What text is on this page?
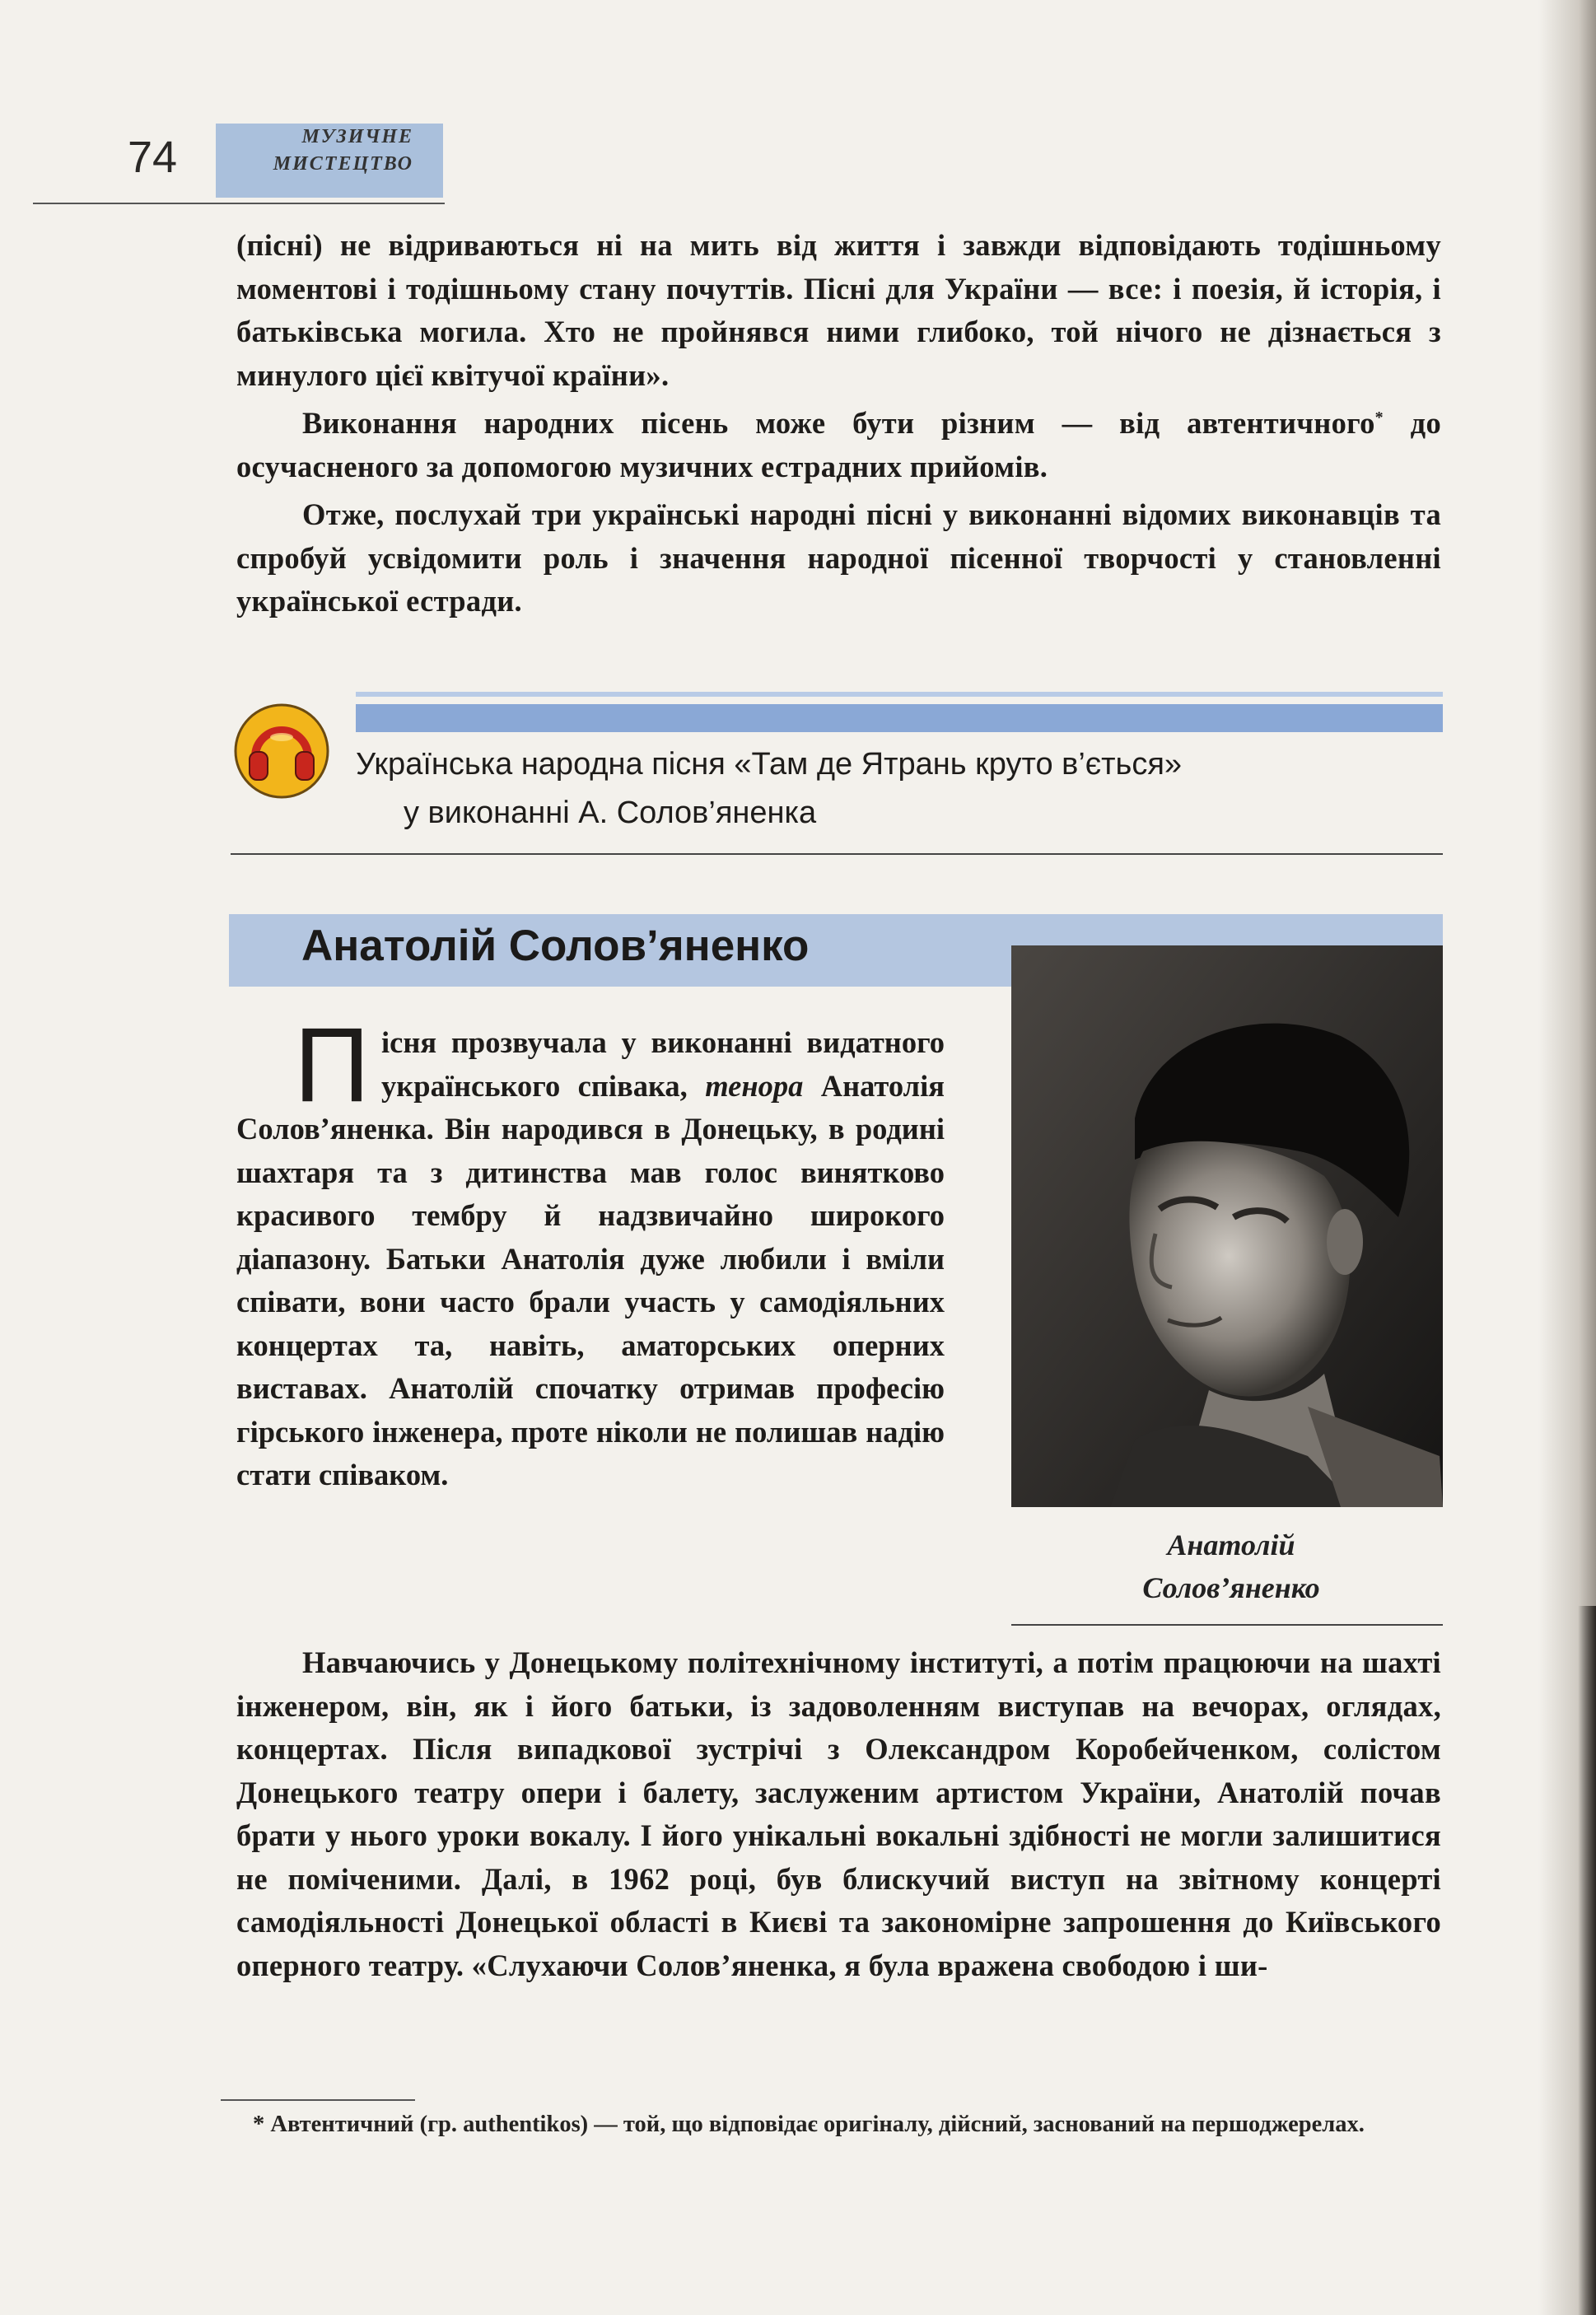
74	МУЗИЧНЕ
МИСТЕЦТВО

(пісні) не відриваються ні на мить від життя і завжди відповідають тодішньому моментові і тодішньому стану почуттів. Пісні для України — все: і поезія, й історія, і батьківська могила. Хто не пройнявся ними глибоко, той нічого не дізнається з минулого цієї квітучої країни».

Виконання народних пісень може бути різним — від автентичного* до осучасненого за допомогою музичних естрадних прийомів.

Отже, послухай три українські народні пісні у виконанні відомих виконавців та спробуй усвідомити роль і значення народної пісенної творчості у становленні української естради.

Українська народна пісня «Там де Ятрань круто в’ється»
у виконанні А. Солов’яненка
Анатолій Солов’яненко
Анатолій
Солов’яненко
Пісня прозвучала у виконанні видатного українського співака, тенора Анатолія Солов’яненка. Він народився в Донецьку, в родині шахтаря та з дитинства мав голос винятково красивого тембру й надзвичайно широкого діапазону. Батьки Анатолія дуже любили і вміли співати, вони часто брали участь у самодіяльних концертах та, навіть, аматорських оперних виставах. Анатолій спочатку отримав професію гірського інженера, проте ніколи не полишав надію стати співаком.
Навчаючись у Донецькому політехнічному інституті, а потім працюючи на шахті інженером, він, як і його батьки, із задоволенням виступав на вечорах, оглядах, концертах. Після випадкової зустрічі з Олександром Коробейченком, солістом Донецького театру опери і балету, заслуженим артистом України, Анатолій почав брати у нього уроки вокалу. І його унікальні вокальні здібності не могли залишитися не поміченими. Далі, в 1962 році, був блискучий виступ на звітному концерті самодіяльності Донецької області в Києві та закономірне запрошення до Київського оперного театру. «Слухаючи Солов’яненка, я була вражена свободою і ши-
* Автентичний (гр. authentikos) — той, що відповідає оригіналу, дійсний, заснований на першоджерелах.
